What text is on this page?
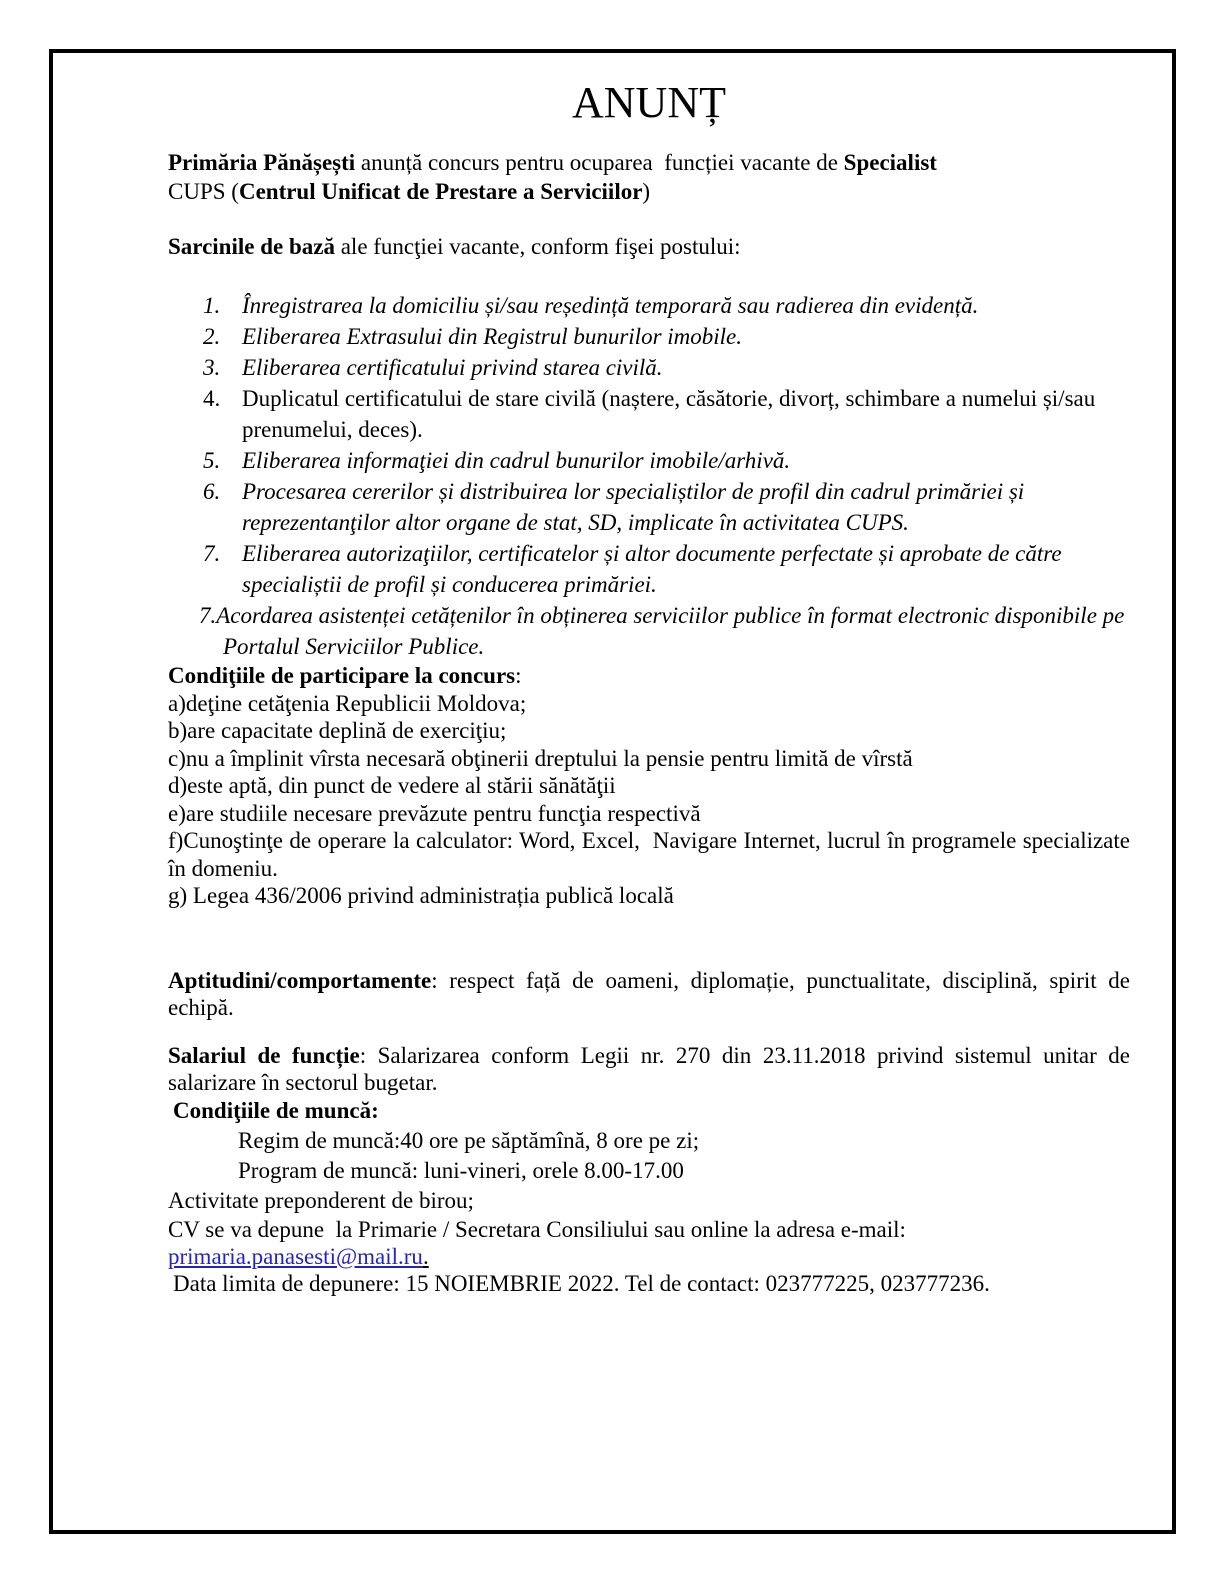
ANUNȚ

Primăria Pănășești anunță concurs pentru ocuparea  funcției vacante de Specialist
CUPS (Centrul Unificat de Prestare a Serviciilor)

Sarcinile de bază ale funcţiei vacante, conform fişei postului:

1. Înregistrarea la domiciliu și/sau reședință temporară sau radierea din evidență.
2. Eliberarea Extrasului din Registrul bunurilor imobile.
3. Eliberarea certificatului privind starea civilă.
4. Duplicatul certificatului de stare civilă (naștere, căsătorie, divorț, schimbare a numelui și/sau prenumelui, deces).
5. Eliberarea informaţiei din cadrul bunurilor imobile/arhivă.
6. Procesarea cererilor și distribuirea lor specialiștilor de profil din cadrul primăriei și reprezentanţilor altor organe de stat, SD, implicate în activitatea CUPS.
7. Eliberarea autorizaţiilor, certificatelor și altor documente perfectate și aprobate de către specialiștii de profil și conducerea primăriei.
7.Acordarea asistenței cetățenilor în obținerea serviciilor publice în format electronic disponibile pe Portalul Serviciilor Publice.
Condiţiile de participare la concurs:
a)deţine cetăţenia Republicii Moldova;
b)are capacitate deplină de exerciţiu;
c)nu a împlinit vîrsta necesară obţinerii dreptului la pensie pentru limită de vîrstă
d)este aptă, din punct de vedere al stării sănătăţii
e)are studiile necesare prevăzute pentru funcţia respectivă
f)Cunoştinţe de operare la calculator: Word, Excel,  Navigare Internet, lucrul în programele specializate în domeniu.
g) Legea 436/2006 privind administrația publică locală

Aptitudini/comportamente: respect față de oameni, diplomație, punctualitate, disciplină, spirit de echipă.

Salariul de funcție: Salarizarea conform Legii nr. 270 din 23.11.2018 privind sistemul unitar de salarizare în sectorul bugetar.

Condiţiile de muncă:
Regim de muncă:40 ore pe săptămînă, 8 ore pe zi;
Program de muncă: luni-vineri, orele 8.00-17.00
Activitate preponderent de birou;
CV se va depune  la Primarie / Secretara Consiliului sau online la adresa e-mail:
primaria.panasesti@mail.ru.
Data limita de depunere: 15 NOIEMBRIE 2022. Tel de contact: 023777225, 023777236.
